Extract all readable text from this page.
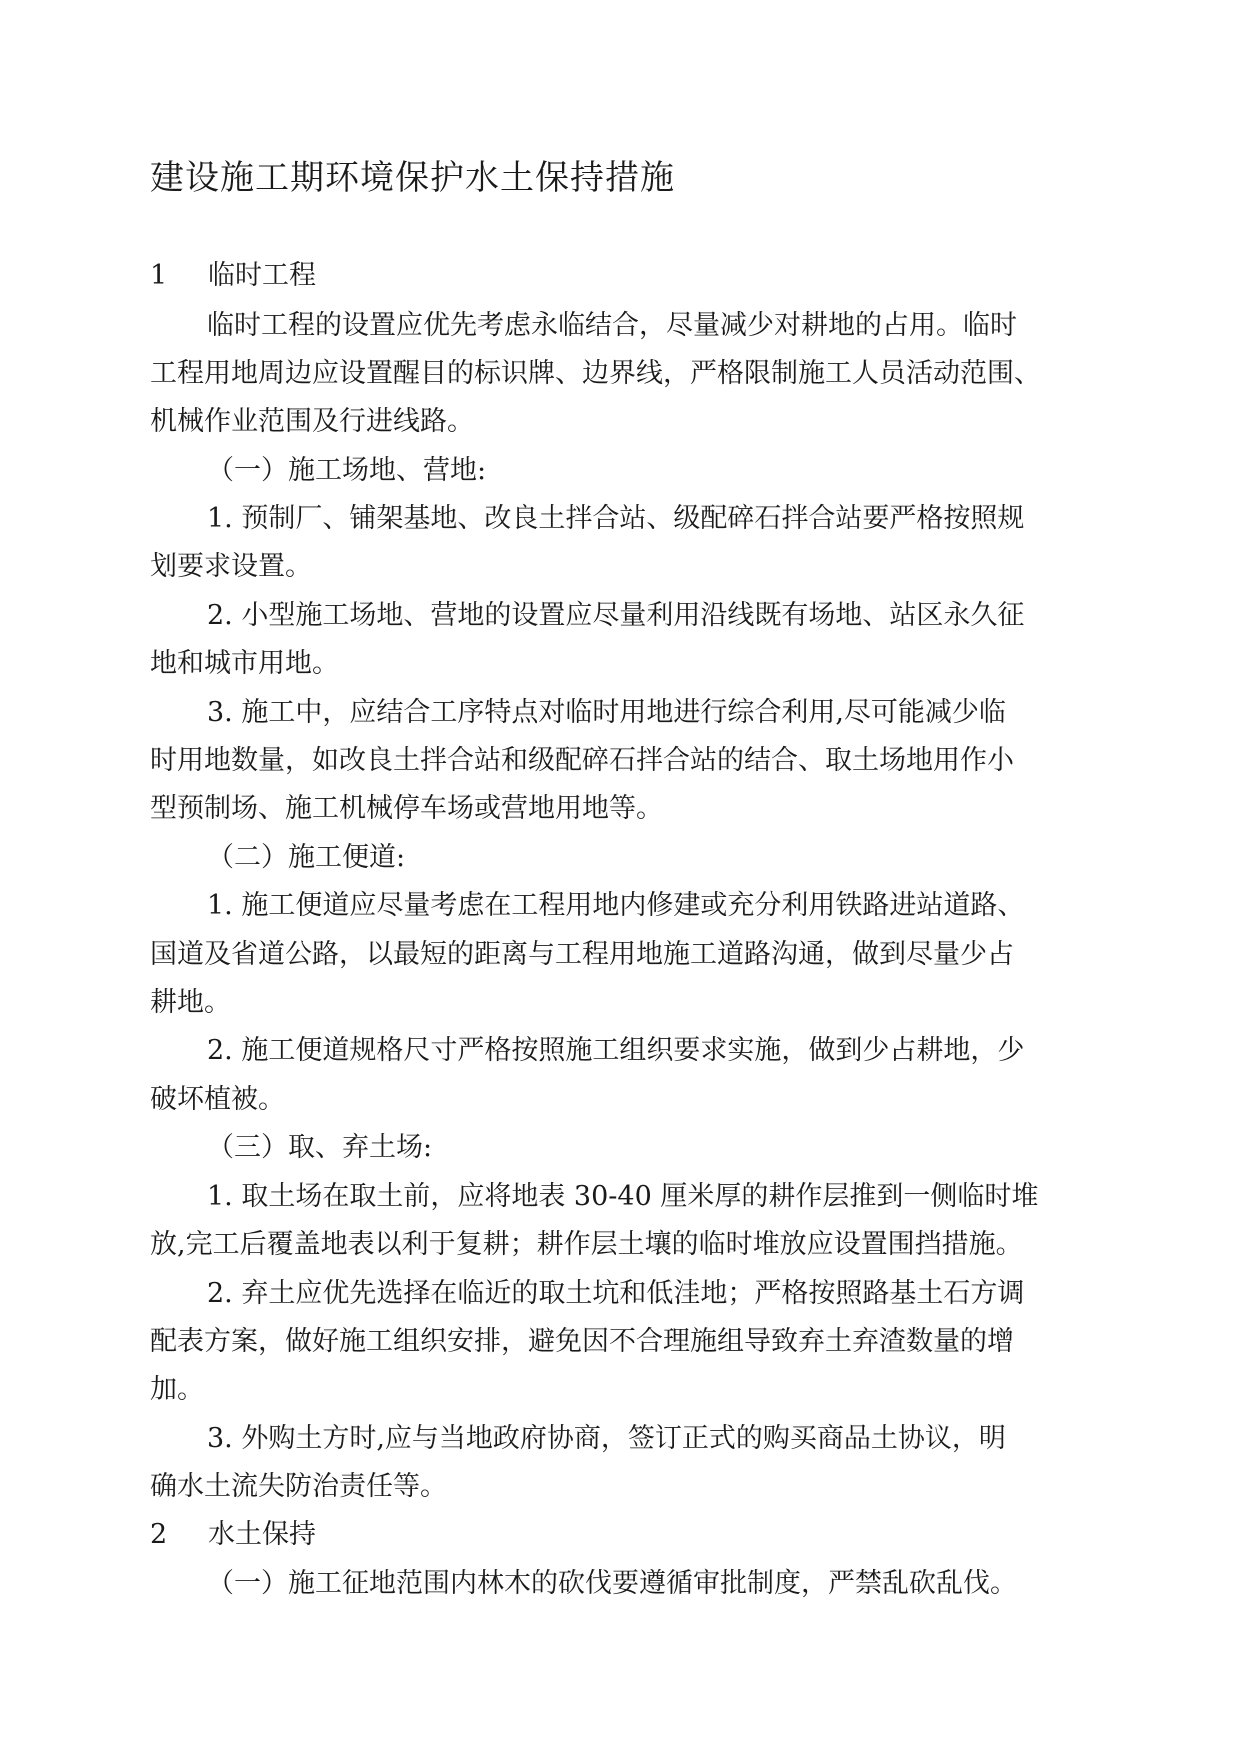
建设施工期环境保护水土保持措施

1 临时工程

临时工程的设置应优先考虑永临结合，尽量减少对耕地的占用。临时

工程用地周边应设置醒目的标识牌、边界线，严格限制施工人员活动范围、

机械作业范围及行进线路。

（一）施工场地、营地:

1. 预制厂、铺架基地、改良土拌合站、级配碎石拌合站要严格按照规

划要求设置。

2. 小型施工场地、营地的设置应尽量利用沿线既有场地、站区永久征

地和城市用地。

3. 施工中，应结合工序特点对临时用地进行综合利用,尽可能减少临

时用地数量，如改良土拌合站和级配碎石拌合站的结合、取土场地用作小

型预制场、施工机械停车场或营地用地等。

（二）施工便道:

1. 施工便道应尽量考虑在工程用地内修建或充分利用铁路进站道路、

国道及省道公路，以最短的距离与工程用地施工道路沟通，做到尽量少占

耕地。

2. 施工便道规格尺寸严格按照施工组织要求实施，做到少占耕地，少

破坏植被。

（三）取、弃土场:

1. 取土场在取土前，应将地表 30-40 厘米厚的耕作层推到一侧临时堆

放,完工后覆盖地表以利于复耕；耕作层土壤的临时堆放应设置围挡措施。

2. 弃土应优先选择在临近的取土坑和低洼地；严格按照路基土石方调

配表方案，做好施工组织安排，避免因不合理施组导致弃土弃渣数量的增

加。

3. 外购土方时,应与当地政府协商，签订正式的购买商品土协议，明

确水土流失防治责任等。

2 水土保持

（一）施工征地范围内林木的砍伐要遵循审批制度，严禁乱砍乱伐。
